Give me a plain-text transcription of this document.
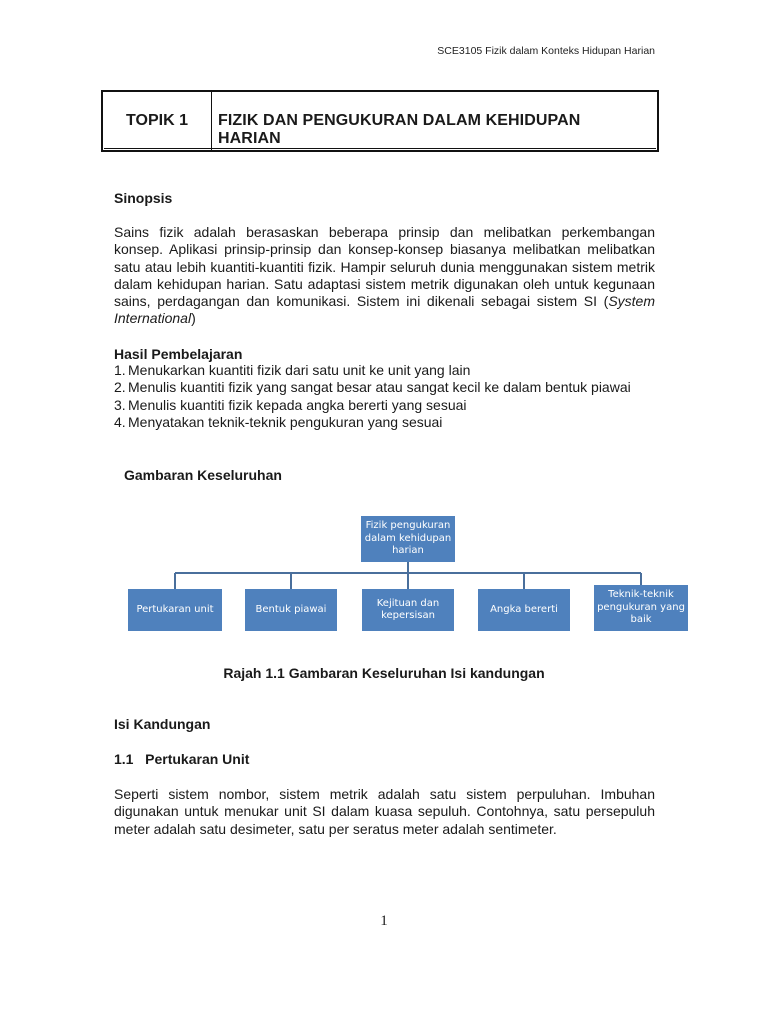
SCE3105 Fizik dalam Konteks Hidupan Harian
TOPIK 1	FIZIK DAN PENGUKURAN DALAM KEHIDUPAN
HARIAN
Sinopsis

Sains fizik adalah berasaskan beberapa prinsip dan melibatkan perkembangan konsep. Aplikasi prinsip-prinsip dan konsep-konsep biasanya melibatkan melibatkan satu atau lebih kuantiti-kuantiti fizik. Hampir seluruh dunia menggunakan sistem metrik dalam kehidupan harian. Satu adaptasi sistem metrik digunakan oleh untuk kegunaan sains, perdagangan dan komunikasi. Sistem ini dikenali sebagai sistem SI (System International)

Hasil Pembelajaran
1. Menukarkan kuantiti fizik dari satu unit ke unit yang lain
2. Menulis kuantiti fizik yang sangat besar atau sangat kecil ke dalam bentuk piawai
3. Menulis kuantiti fizik kepada angka bererti yang sesuai
4. Menyatakan teknik-teknik pengukuran yang sesuai
Gambaran Keseluruhan
Fizik pengukuran dalam kehidupan harian
Pertukaran unit	Bentuk piawai
Kejituan dan kepersisan
Angka bererti
Teknik-teknik pengukuran yang baik
Rajah 1.1 Gambaran Keseluruhan Isi kandungan
Isi Kandungan
1.1   Pertukaran Unit
Seperti sistem nombor, sistem metrik adalah satu sistem perpuluhan. Imbuhan digunakan untuk menukar unit SI dalam kuasa sepuluh. Contohnya, satu persepuluh meter adalah satu desimeter, satu per seratus meter adalah sentimeter.
1
